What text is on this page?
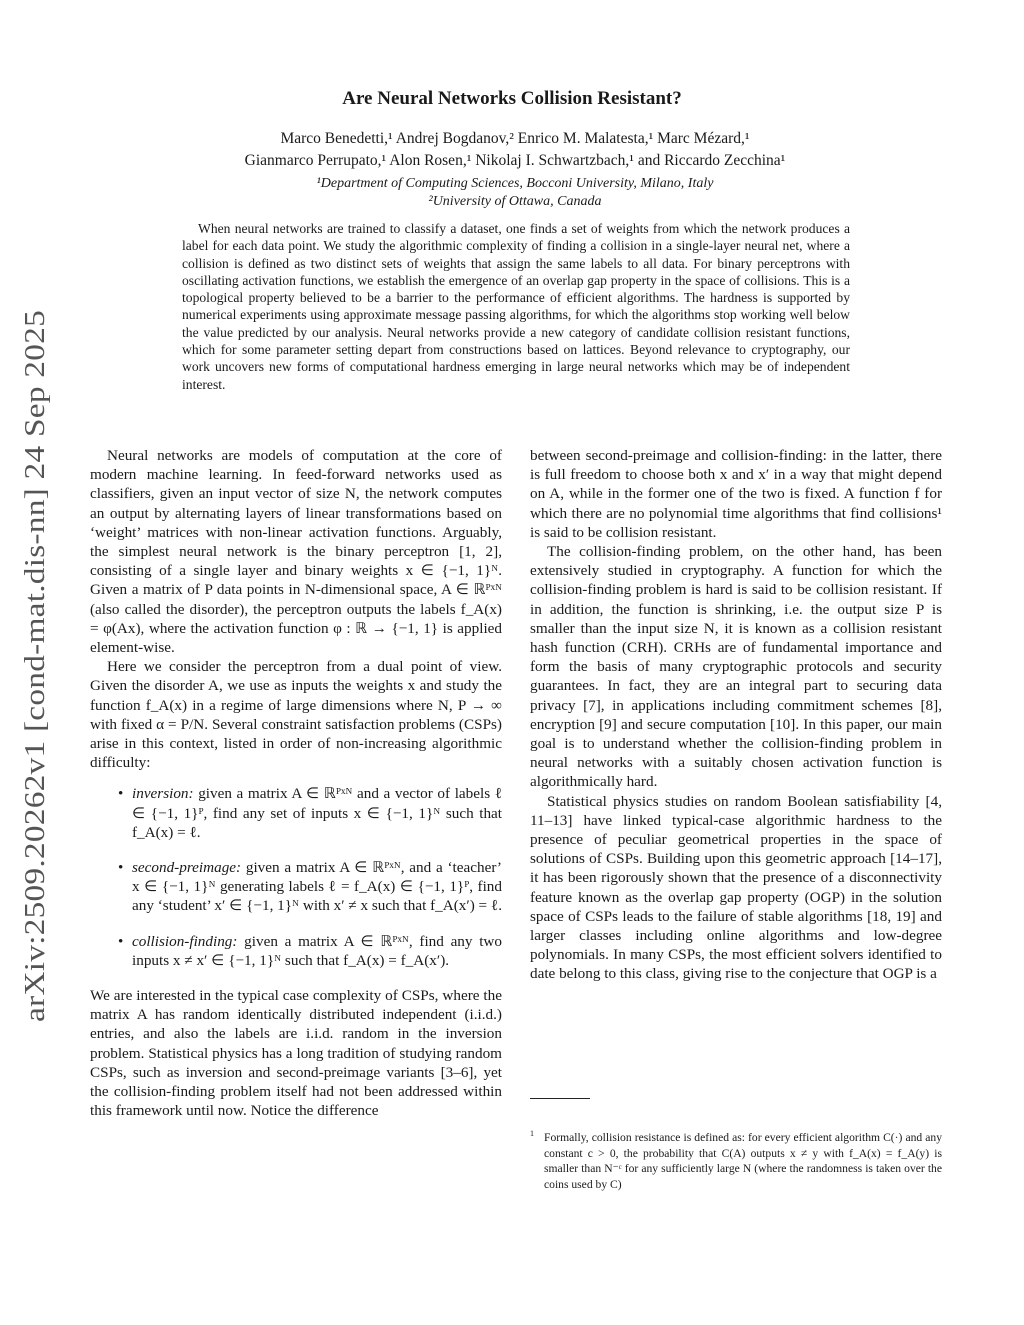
arXiv:2509.20262v1 [cond-mat.dis-nn] 24 Sep 2025
Are Neural Networks Collision Resistant?
Marco Benedetti,¹ Andrej Bogdanov,² Enrico M. Malatesta,¹ Marc Mézard,¹
Gianmarco Perrupato,¹ Alon Rosen,¹ Nikolaj I. Schwartzbach,¹ and Riccardo Zecchina¹
¹Department of Computing Sciences, Bocconi University, Milano, Italy
²University of Ottawa, Canada
When neural networks are trained to classify a dataset, one finds a set of weights from which the network produces a label for each data point. We study the algorithmic complexity of finding a collision in a single-layer neural net, where a collision is defined as two distinct sets of weights that assign the same labels to all data. For binary perceptrons with oscillating activation functions, we establish the emergence of an overlap gap property in the space of collisions. This is a topological property believed to be a barrier to the performance of efficient algorithms. The hardness is supported by numerical experiments using approximate message passing algorithms, for which the algorithms stop working well below the value predicted by our analysis. Neural networks provide a new category of candidate collision resistant functions, which for some parameter setting depart from constructions based on lattices. Beyond relevance to cryptography, our work uncovers new forms of computational hardness emerging in large neural networks which may be of independent interest.

Neural networks are models of computation at the core of modern machine learning. In feed-forward networks used as classifiers, given an input vector of size N, the network computes an output by alternating layers of linear transformations based on ‘weight’ matrices with non-linear activation functions. Arguably, the simplest neural network is the binary perceptron [1, 2], consisting of a single layer and binary weights x ∈ {−1, 1}ᴺ. Given a matrix of P data points in N-dimensional space, A ∈ ℝᴾˣᴺ (also called the disorder), the perceptron outputs the labels f_A(x) = φ(Ax), where the activation function φ : ℝ → {−1, 1} is applied element-wise.

Here we consider the perceptron from a dual point of view. Given the disorder A, we use as inputs the weights x and study the function f_A(x) in a regime of large dimensions where N, P → ∞ with fixed α = P/N. Several constraint satisfaction problems (CSPs) arise in this context, listed in order of non-increasing algorithmic difficulty:

• inversion: given a matrix A ∈ ℝᴾˣᴺ and a vector of labels ℓ ∈ {−1, 1}ᴾ, find any set of inputs x ∈ {−1, 1}ᴺ such that f_A(x) = ℓ.
• second-preimage: given a matrix A ∈ ℝᴾˣᴺ, and a ‘teacher’ x ∈ {−1, 1}ᴺ generating labels ℓ = f_A(x) ∈ {−1, 1}ᴾ, find any ‘student’ x′ ∈ {−1, 1}ᴺ with x′ ≠ x such that f_A(x′) = ℓ.
• collision-finding: given a matrix A ∈ ℝᴾˣᴺ, find any two inputs x ≠ x′ ∈ {−1, 1}ᴺ such that f_A(x) = f_A(x′).

We are interested in the typical case complexity of CSPs, where the matrix A has random identically distributed independent (i.i.d.) entries, and also the labels are i.i.d. random in the inversion problem. Statistical physics has a long tradition of studying random CSPs, such as inversion and second-preimage variants [3–6], yet the collision-finding problem itself had not been addressed within this framework until now. Notice the difference

between second-preimage and collision-finding: in the latter, there is full freedom to choose both x and x′ in a way that might depend on A, while in the former one of the two is fixed. A function f for which there are no polynomial time algorithms that find collisions¹ is said to be collision resistant.

The collision-finding problem, on the other hand, has been extensively studied in cryptography. A function for which the collision-finding problem is hard is said to be collision resistant. If in addition, the function is shrinking, i.e. the output size P is smaller than the input size N, it is known as a collision resistant hash function (CRH). CRHs are of fundamental importance and form the basis of many cryptographic protocols and security guarantees. In fact, they are an integral part to securing data privacy [7], in applications including commitment schemes [8], encryption [9] and secure computation [10]. In this paper, our main goal is to understand whether the collision-finding problem in neural networks with a suitably chosen activation function is algorithmically hard.

Statistical physics studies on random Boolean satisfiability [4, 11–13] have linked typical-case algorithmic hardness to the presence of peculiar geometrical properties in the space of solutions of CSPs. Building upon this geometric approach [14–17], it has been rigorously shown that the presence of a disconnectivity feature known as the overlap gap property (OGP) in the solution space of CSPs leads to the failure of stable algorithms [18, 19] and larger classes including online algorithms and low-degree polynomials. In many CSPs, the most efficient solvers identified to date belong to this class, giving rise to the conjecture that OGP is a

1 Formally, collision resistance is defined as: for every efficient algorithm C(·) and any constant c > 0, the probability that C(A) outputs x ≠ y with f_A(x) = f_A(y) is smaller than N⁻ᶜ for any sufficiently large N (where the randomness is taken over the coins used by C)
